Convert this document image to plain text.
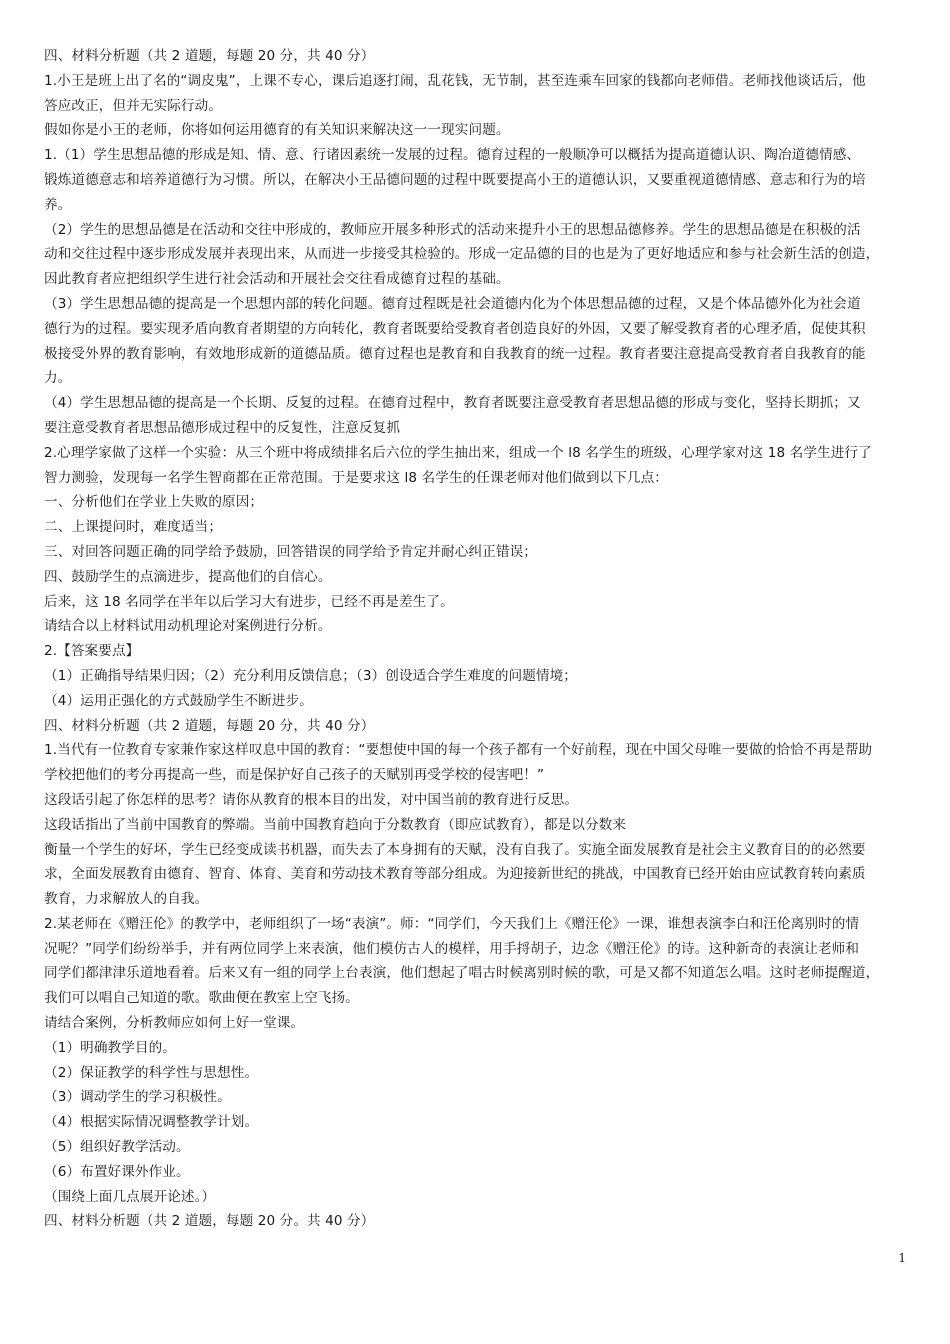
四、材料分析题（共 2 道题，每题 20 分，共 40 分）
1.小王是班上出了名的“调皮鬼”，上课不专心，课后追逐打闹，乱花钱，无节制，甚至连乘车回家的钱都向老师借。老师找他谈话后，他
答应改正，但并无实际行动。
假如你是小王的老师，你将如何运用德育的有关知识来解决这一一现实问题。
1.（1）学生思想品德的形成是知、情、意、行诸因素统一发展的过程。德育过程的一般顺净可以概括为提高道德认识、陶冶道德情感、
锻炼道德意志和培养道德行为习惯。所以，在解决小王品德问题的过程中既要提高小王的道德认识，又要重视道德情感、意志和行为的培
养。
（2）学生的思想品德是在活动和交往中形成的，教师应开展多种形式的活动来提升小王的思想品德修养。学生的思想品德是在积极的活
动和交往过程中逐步形成发展并表现出来，从而进一步接受其检验的。形成一定品德的目的也是为了更好地适应和参与社会新生活的创造，
因此教育者应把组织学生进行社会活动和开展社会交往看成德育过程的基础。
（3）学生思想品德的提高是一个思想内部的转化问题。德育过程既是社会道德内化为个体思想品德的过程，又是个体品德外化为社会道
德行为的过程。要实现矛盾向教育者期望的方向转化，教育者既要给受教育者创造良好的外因，又要了解受教育者的心理矛盾，促使其积
极接受外界的教育影响，有效地形成新的道德品质。德育过程也是教育和自我教育的统一过程。教育者要注意提高受教育者自我教育的能
力。
（4）学生思想品德的提高是一个长期、反复的过程。在德育过程中，教育者既要注意受教育者思想品德的形成与变化，坚持长期抓；又
要注意受教育者思想品德形成过程中的反复性，注意反复抓
2.心理学家做了这样一个实验：从三个班中将成绩排名后六位的学生抽出来，组成一个 l8 名学生的班级，心理学家对这 18 名学生进行了
智力测验，发现每一名学生智商都在正常范围。于是要求这 l8 名学生的任课老师对他们做到以下几点：
一、分析他们在学业上失败的原因；
二、上课提问时，难度适当；
三、对回答问题正确的同学给予鼓励，回答错误的同学给予肯定并耐心纠正错误；
四、鼓励学生的点滴进步，提高他们的自信心。
后来，这 18 名同学在半年以后学习大有进步，已经不再是差生了。
请结合以上材料试用动机理论对案例进行分析。
2.【答案要点】
（1）正确指导结果归因；（2）充分利用反馈信息；（3）创设适合学生难度的问题情境；
（4）运用正强化的方式鼓励学生不断进步。
四、材料分析题（共 2 道题，每题 20 分，共 40 分）
1.当代有一位教育专家兼作家这样叹息中国的教育：“要想使中国的每一个孩子都有一个好前程，现在中国父母唯一要做的恰恰不再是帮助
学校把他们的考分再提高一些，而是保护好自己孩子的天赋别再受学校的侵害吧！”
这段话引起了你怎样的思考？请你从教育的根本目的出发，对中国当前的教育进行反思。
这段话指出了当前中国教育的弊端。当前中国教育趋向于分数教育（即应试教育），都是以分数来
衡量一个学生的好坏，学生已经变成读书机器，而失去了本身拥有的天赋，没有自我了。实施全面发展教育是社会主义教育目的的必然要
求，全面发展教育由德育、智育、体育、美育和劳动技术教育等部分组成。为迎接新世纪的挑战，中国教育已经开始由应试教育转向素质
教育，力求解放人的自我。
2.某老师在《赠汪伦》的教学中，老师组织了一场“表演”。师：“同学们，今天我们上《赠汪伦》一课，谁想表演李白和汪伦离别时的情
况呢？”同学们纷纷举手，并有两位同学上来表演，他们模仿古人的模样，用手捋胡子，边念《赠汪伦》的诗。这种新奇的表演让老师和
同学们都津津乐道地看着。后来又有一组的同学上台表演，他们想起了唱古时候离别时候的歌，可是又都不知道怎么唱。这时老师提醒道，
我们可以唱自己知道的歌。歌曲便在教室上空飞扬。
请结合案例，分析教师应如何上好一堂课。
（1）明确教学目的。
（2）保证教学的科学性与思想性。
（3）调动学生的学习积极性。
（4）根据实际情况调整教学计划。
（5）组织好教学活动。
（6）布置好课外作业。
（围绕上面几点展开论述。）
四、材料分析题（共 2 道题，每题 20 分。共 40 分）
1
